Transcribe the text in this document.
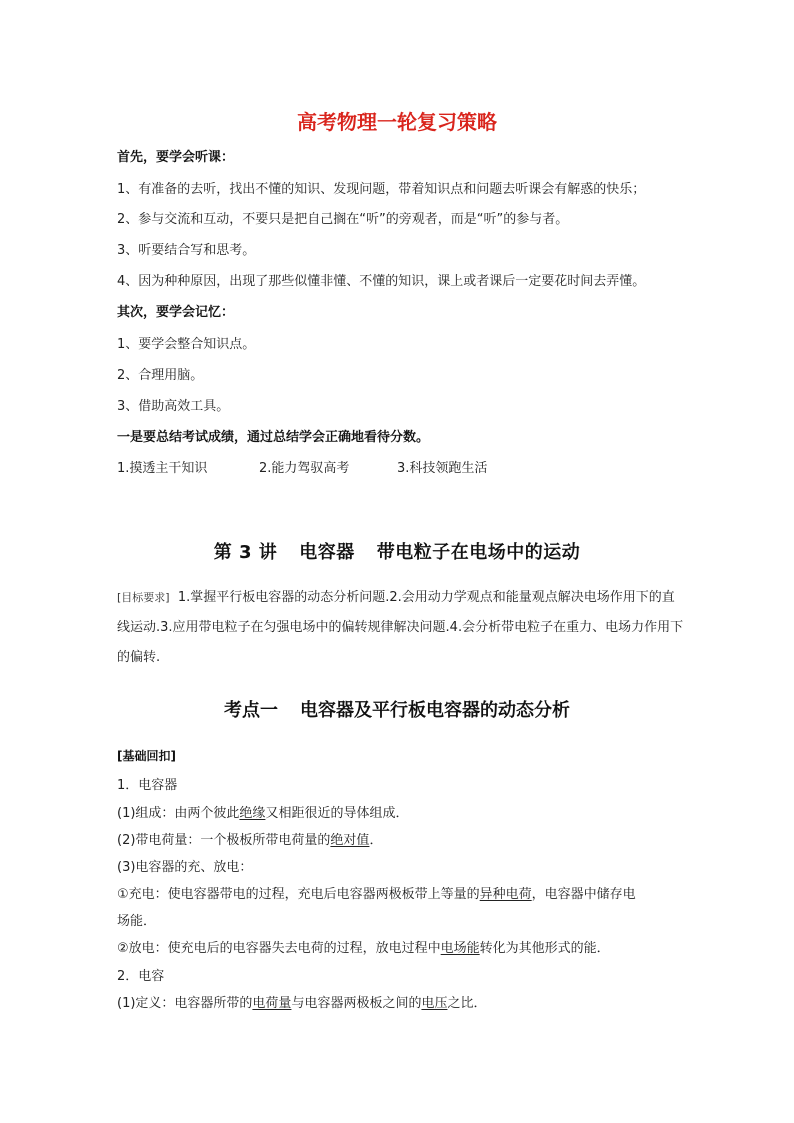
高考物理一轮复习策略
首先，要学会听课：
1、有准备的去听，找出不懂的知识、发现问题，带着知识点和问题去听课会有解惑的快乐；
2、参与交流和互动，不要只是把自己搁在“听”的旁观者，而是“听”的参与者。
3、听要结合写和思考。
4、因为种种原因，出现了那些似懂非懂、不懂的知识，课上或者课后一定要花时间去弄懂。
其次，要学会记忆：
1、要学会整合知识点。
2、合理用脑。
3、借助高效工具。
一是要总结考试成绩，通过总结学会正确地看待分数。
1.摸透主干知识	2.能力驾驭高考	3.科技领跑生活
第 3 讲 电容器 带电粒子在电场中的运动
[目标要求] 1.掌握平行板电容器的动态分析问题.2.会用动力学观点和能量观点解决电场作用下的直线运动.3.应用带电粒子在匀强电场中的偏转规律解决问题.4.会分析带电粒子在重力、电场力作用下的偏转.
考点一 电容器及平行板电容器的动态分析
[基础回扣]
1．电容器
(1)组成：由两个彼此绝缘又相距很近的导体组成．
(2)带电荷量：一个极板所带电荷量的绝对值．
(3)电容器的充、放电：
①充电：使电容器带电的过程，充电后电容器两极板带上等量的异种电荷，电容器中储存电
场能．
②放电：使充电后的电容器失去电荷的过程，放电过程中电场能转化为其他形式的能．
2．电容
(1)定义：电容器所带的电荷量与电容器两极板之间的电压之比．
